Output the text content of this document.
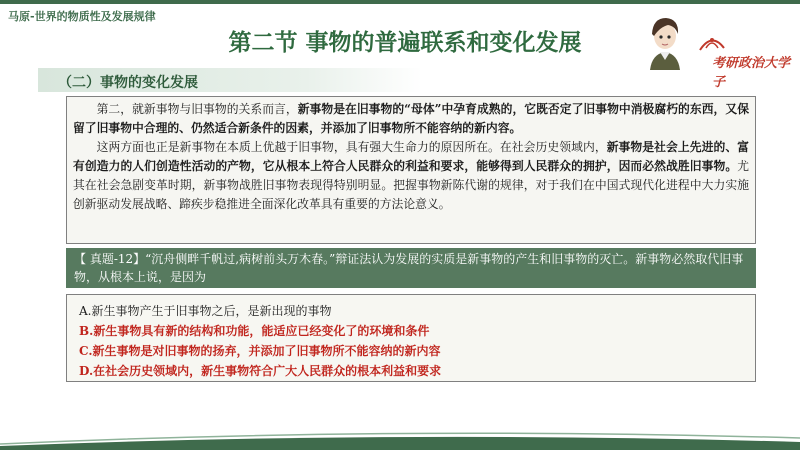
马原-世界的物质性及发展规律
第二节 事物的普遍联系和变化发展
考研政治大学子
（二）事物的变化发展

第二，就新事物与旧事物的关系而言，新事物是在旧事物的“母体”中孕育成熟的，它既否定了旧事物中消极腐朽的东西，又保留了旧事物中合理的、仍然适合新条件的因素，并添加了旧事物所不能容纳的新内容。

这两方面也正是新事物在本质上优越于旧事物，具有强大生命力的原因所在。在社会历史领域内，新事物是社会上先进的、富有创造力的人们创造性活动的产物，它从根本上符合人民群众的利益和要求，能够得到人民群众的拥护，因而必然战胜旧事物。尤其在社会急剧变革时期，新事物战胜旧事物表现得特别明显。把握事物新陈代谢的规律，对于我们在中国式现代化进程中大力实施创新驱动发展战略、蹄疾步稳推进全面深化改革具有重要的方法论意义。

【 真题-12】“沉舟侧畔千帆过,病树前头万木春。”辩证法认为发展的实质是新事物的产生和旧事物的灭亡。新事物必然取代旧事物，从根本上说，是因为
A.新生事物产生于旧事物之后，是新出现的事物
B.新生事物具有新的结构和功能，能适应已经变化了的环境和条件
C.新生事物是对旧事物的扬弃，并添加了旧事物所不能容纳的新内容
D.在社会历史领域内，新生事物符合广大人民群众的根本利益和要求
